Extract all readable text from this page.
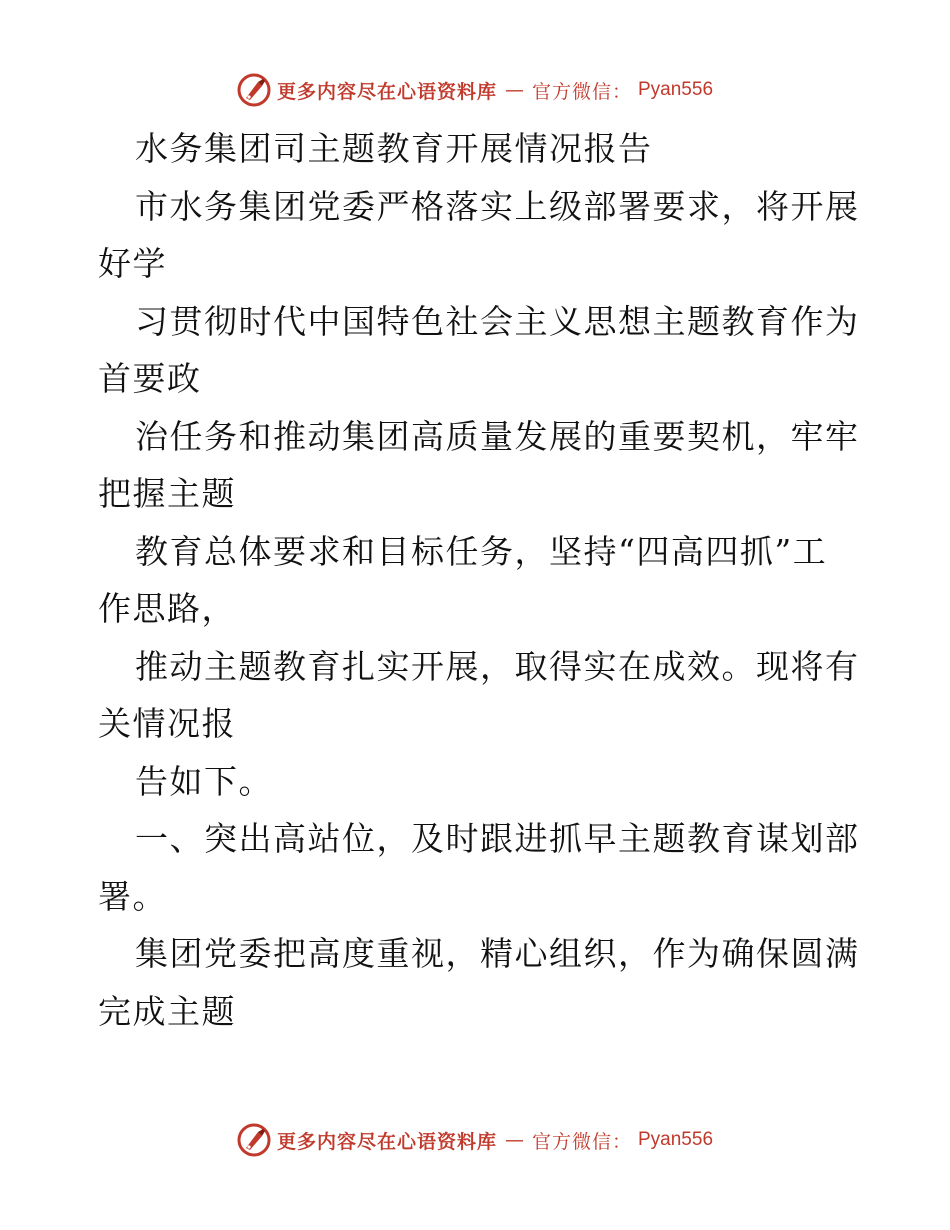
更多内容尽在心语资料库 — 官方微信： Pyan556
水务集团司主题教育开展情况报告
市水务集团党委严格落实上级部署要求，将开展
好学
习贯彻时代中国特色社会主义思想主题教育作为
首要政
治任务和推动集团高质量发展的重要契机，牢牢
把握主题
教育总体要求和目标任务，坚持“四高四抓”工
作思路，
推动主题教育扎实开展，取得实在成效。现将有
关情况报
告如下。
一、突出高站位，及时跟进抓早主题教育谋划部
署。
集团党委把高度重视，精心组织，作为确保圆满
完成主题
更多内容尽在心语资料库 — 官方微信： Pyan556
